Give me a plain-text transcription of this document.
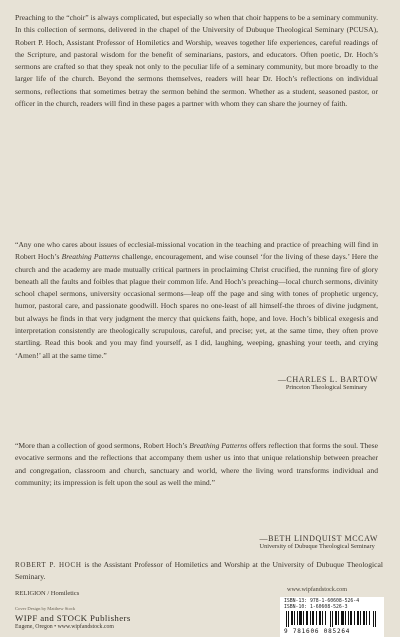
Preaching to the “choir” is always complicated, but especially so when that choir happens to be a seminary community. In this collection of sermons, delivered in the chapel of the University of Dubuque Theological Seminary (PCUSA), Robert P. Hoch, Assistant Professor of Homiletics and Worship, weaves together life experiences, careful readings of the Scripture, and pastoral wisdom for the benefit of seminarians, pastors, and educators. Often poetic, Dr. Hoch’s sermons are crafted so that they speak not only to the peculiar life of a seminary community, but more broadly to the larger life of the church. Beyond the sermons themselves, readers will hear Dr. Hoch’s reflections on individual sermons, reflections that sometimes betray the sermon behind the sermon. Whether as a student, seasoned pastor, or officer in the church, readers will find in these pages a partner with whom they can share the journey of faith.

“Any one who cares about issues of ecclesial-missional vocation in the teaching and practice of preaching will find in Robert Hoch’s Breathing Patterns challenge, encouragement, and wise counsel ‘for the living of these days.’ Here the church and the academy are made mutually critical partners in proclaiming Christ crucified, the running fire of glory beneath all the faults and foibles that plague their common life. And Hoch’s preaching—local church sermons, divinity school chapel sermons, university occasional sermons—leap off the page and sing with tones of prophetic urgency, humor, pastoral care, and passionate goodwill. Hoch spares no one-least of all himself-the throes of divine judgment, but always he finds in that very judgment the mercy that quickens faith, hope, and love. Hoch’s biblical exegesis and interpretation consistently are theologically scrupulous, careful, and precise; yet, at the same time, they often prove startling. Read this book and you may find yourself, as I did, laughing, weeping, gnashing your teeth, and crying ‘Amen!’ all at the same time.”

—CHARLES L. BARTOW
Princeton Theological Seminary

“More than a collection of good sermons, Robert Hoch’s Breathing Patterns offers reflection that forms the soul. These evocative sermons and the reflections that accompany them usher us into that unique relationship between preacher and congregation, classroom and church, sanctuary and world, where the living word transforms individual and community; its impression is felt upon the soul as well the mind.”

—BETH LINDQUIST MCCAW
University of Dubuque Theological Seminary

ROBERT P. HOCH is the Assistant Professor of Homiletics and Worship at the University of Dubuque Theological Seminary.

RELIGION / Homiletics
www.wipfandstock.com
Cover Design by Matthew Stock
WIPF and STOCK Publishers
Eugene, Oregon • www.wipfandstock.com
ISBN-13: 978-1-60608-526-4
ISBN-10: 1-60608-526-3
9 781606 085264
